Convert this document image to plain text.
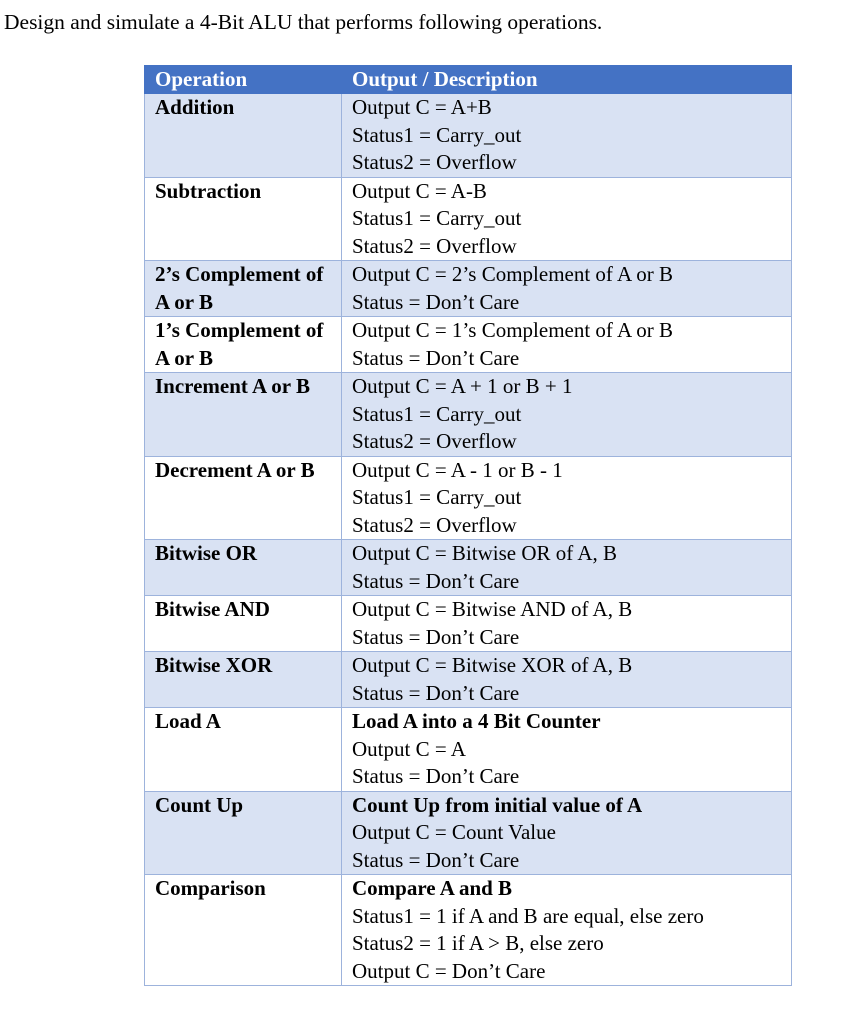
Design and simulate a 4-Bit ALU that performs following operations.
Operation	Output / Description
Addition	Output C = A+B
Status1 = Carry_out
Status2 = Overflow

Subtraction	Output C = A-B
Status1 = Carry_out
Status2 = Overflow

2’s Complement of A or B	Output C = 2’s Complement of A or B
Status = Don’t Care

1’s Complement of A or B	Output C = 1’s Complement of A or B
Status = Don’t Care

Increment A or B	Output C = A + 1 or B + 1
Status1 = Carry_out
Status2 = Overflow

Decrement A or B	Output C = A - 1 or B - 1
Status1 = Carry_out
Status2 = Overflow

Bitwise OR	Output C = Bitwise OR of A, B
Status = Don’t Care

Bitwise AND	Output C = Bitwise AND of A, B
Status = Don’t Care

Bitwise XOR	Output C = Bitwise XOR of A, B
Status = Don’t Care

Load A	Load A into a 4 Bit Counter
Output C = A
Status = Don’t Care

Count Up	Count Up from initial value of A
Output C = Count Value
Status = Don’t Care

Comparison	Compare A and B
Status1 = 1 if A and B are equal, else zero
Status2 = 1 if A > B, else zero
Output C = Don’t Care
